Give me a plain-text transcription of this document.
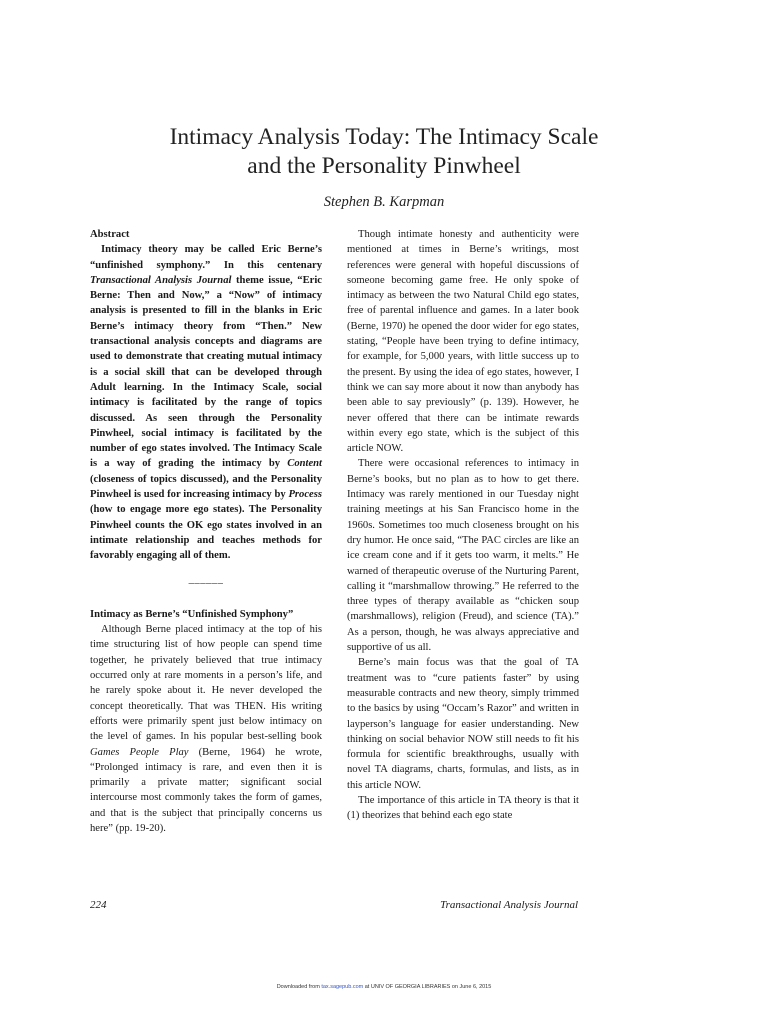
Intimacy Analysis Today: The Intimacy Scale
and the Personality Pinwheel
Stephen B. Karpman

Abstract

Intimacy theory may be called Eric Berne’s “unfinished symphony.” In this centenary Transactional Analysis Journal theme issue, “Eric Berne: Then and Now,” a “Now” of intimacy analysis is presented to fill in the blanks in Eric Berne’s intimacy theory from “Then.” New transactional analysis concepts and diagrams are used to demonstrate that creating mutual intimacy is a social skill that can be developed through Adult learning. In the Intimacy Scale, social intimacy is facilitated by the range of topics discussed. As seen through the Personality Pinwheel, social intimacy is facilitated by the number of ego states involved. The Intimacy Scale is a way of grading the intimacy by Content (closeness of topics discussed), and the Personality Pinwheel is used for increasing intimacy by Process (how to engage more ego states). The Personality Pinwheel counts the OK ego states involved in an intimate relationship and teaches methods for favorably engaging all of them.

______

Intimacy as Berne’s “Unfinished Symphony”

Although Berne placed intimacy at the top of his time structuring list of how people can spend time together, he privately believed that true intimacy occurred only at rare moments in a person’s life, and he rarely spoke about it. He never developed the concept theoretically. That was THEN. His writing efforts were primarily spent just below intimacy on the level of games. In his popular best-selling book Games People Play (Berne, 1964) he wrote, “Prolonged intimacy is rare, and even then it is primarily a private matter; significant social intercourse most commonly takes the form of games, and that is the subject that principally concerns us here” (pp. 19-20).

Though intimate honesty and authenticity were mentioned at times in Berne’s writings, most references were general with hopeful discussions of someone becoming game free. He only spoke of intimacy as between the two Natural Child ego states, free of parental influence and games. In a later book (Berne, 1970) he opened the door wider for ego states, stating, “People have been trying to define intimacy, for example, for 5,000 years, with little success up to the present. By using the idea of ego states, however, I think we can say more about it now than anybody has been able to say previously” (p. 139). However, he never offered that there can be intimate rewards within every ego state, which is the subject of this article NOW.

There were occasional references to intimacy in Berne’s books, but no plan as to how to get there. Intimacy was rarely mentioned in our Tuesday night training meetings at his San Francisco home in the 1960s. Sometimes too much closeness brought on his dry humor. He once said, “The PAC circles are like an ice cream cone and if it gets too warm, it melts.” He warned of therapeutic overuse of the Nurturing Parent, calling it “marshmallow throwing.” He referred to the three types of therapy available as “chicken soup (marshmallows), religion (Freud), and science (TA).” As a person, though, he was always appreciative and supportive of us all.

Berne’s main focus was that the goal of TA treatment was to “cure patients faster” by using measurable contracts and new theory, simply trimmed to the basics by using “Occam’s Razor” and written in layperson’s language for easier understanding. New thinking on social behavior NOW still needs to fit his formula for scientific breakthroughs, usually with novel TA diagrams, charts, formulas, and lists, as in this article NOW.

The importance of this article in TA theory is that it (1) theorizes that behind each ego state

224	Transactional Analysis Journal
Downloaded from tax.sagepub.com at UNIV OF GEORGIA LIBRARIES on June 6, 2015
